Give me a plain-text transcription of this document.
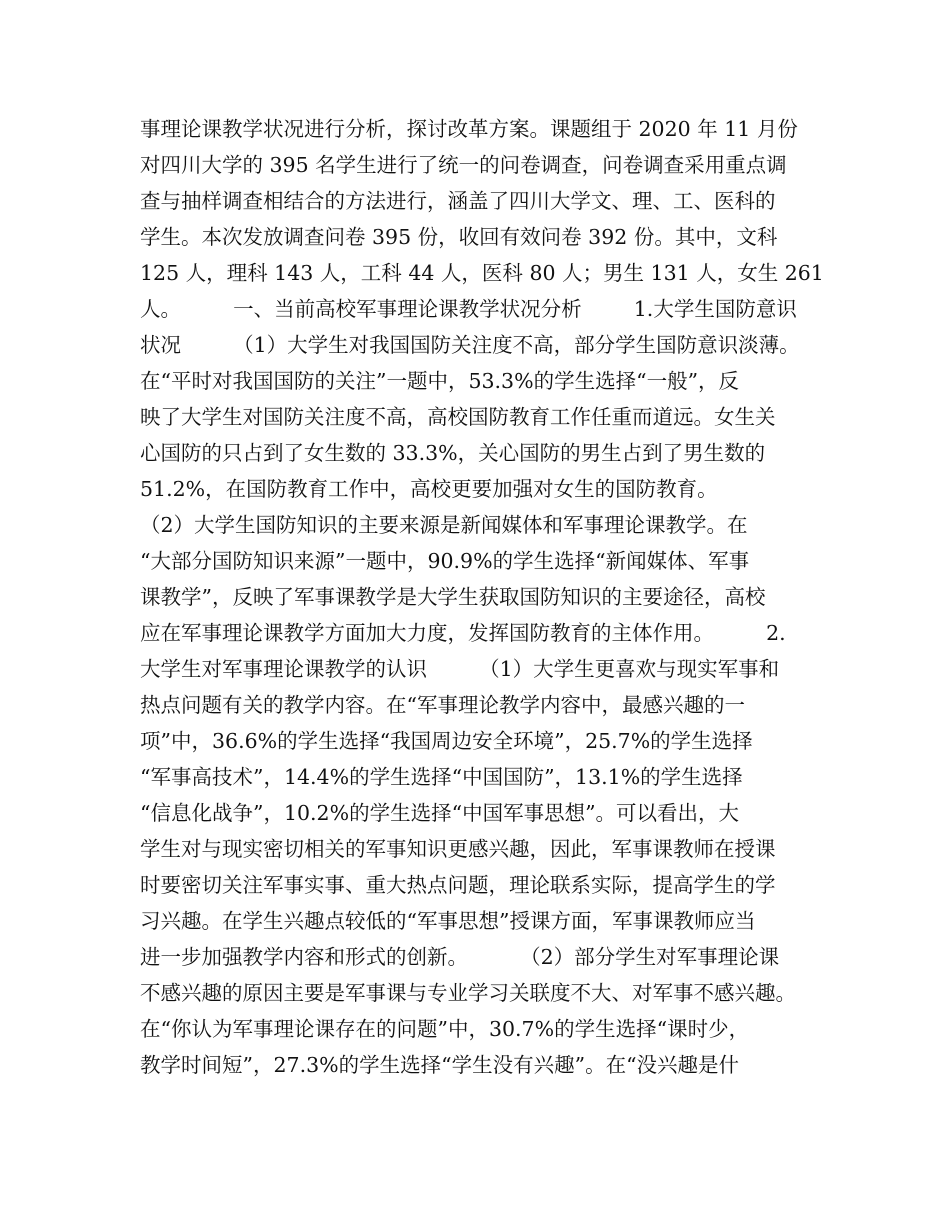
事理论课教学状况进行分析，探讨改革方案。课题组于 2020 年 11 月份
对四川大学的 395 名学生进行了统一的问卷调查，问卷调查采用重点调
查与抽样调查相结合的方法进行，涵盖了四川大学文、理、工、医科的
学生。本次发放调查问卷 395 份，收回有效问卷 392 份。其中，文科
125 人，理科 143 人，工科 44 人，医科 80 人；男生 131 人，女生 261
人。        一、当前高校军事理论课教学状况分析        1.大学生国防意识
状况        （1）大学生对我国国防关注度不高，部分学生国防意识淡薄。
在“平时对我国国防的关注”一题中，53.3%的学生选择“一般”，反
映了大学生对国防关注度不高，高校国防教育工作任重而道远。女生关
心国防的只占到了女生数的 33.3%，关心国防的男生占到了男生数的
51.2%，在国防教育工作中，高校更要加强对女生的国防教育。
（2）大学生国防知识的主要来源是新闻媒体和军事理论课教学。在
“大部分国防知识来源”一题中，90.9%的学生选择“新闻媒体、军事
课教学”，反映了军事课教学是大学生获取国防知识的主要途径，高校
应在军事理论课教学方面加大力度，发挥国防教育的主体作用。        2.
大学生对军事理论课教学的认识        （1）大学生更喜欢与现实军事和
热点问题有关的教学内容。在“军事理论教学内容中，最感兴趣的一
项”中，36.6%的学生选择“我国周边安全环境”，25.7%的学生选择
“军事高技术”，14.4%的学生选择“中国国防”，13.1%的学生选择
“信息化战争”，10.2%的学生选择“中国军事思想”。可以看出，大
学生对与现实密切相关的军事知识更感兴趣，因此，军事课教师在授课
时要密切关注军事实事、重大热点问题，理论联系实际，提高学生的学
习兴趣。在学生兴趣点较低的“军事思想”授课方面，军事课教师应当
进一步加强教学内容和形式的创新。        （2）部分学生对军事理论课
不感兴趣的原因主要是军事课与专业学习关联度不大、对军事不感兴趣。
在“你认为军事理论课存在的问题”中，30.7%的学生选择“课时少，
教学时间短”，27.3%的学生选择“学生没有兴趣”。在“没兴趣是什
